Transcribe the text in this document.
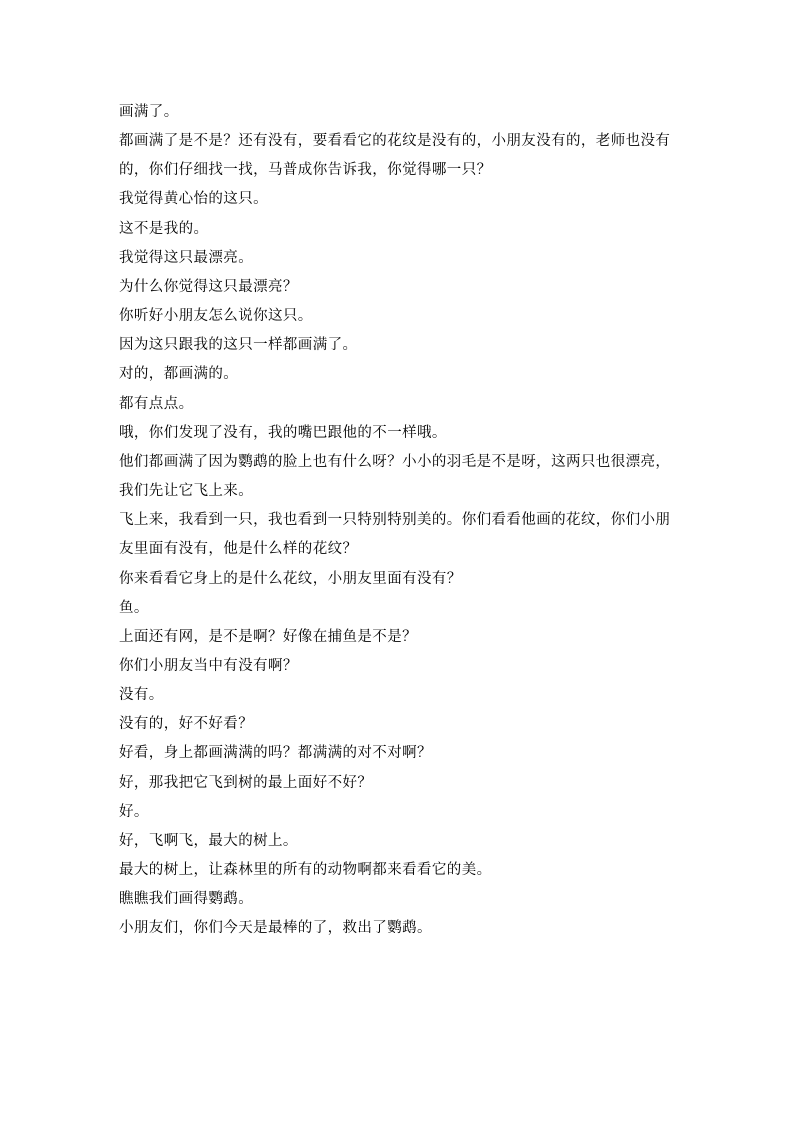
画满了。

都画满了是不是？还有没有，要看看它的花纹是没有的，小朋友没有的，老师也没有的，你们仔细找一找，马普成你告诉我，你觉得哪一只？

我觉得黄心怡的这只。

这不是我的。

我觉得这只最漂亮。

为什么你觉得这只最漂亮？

你听好小朋友怎么说你这只。

因为这只跟我的这只一样都画满了。

对的，都画满的。

都有点点。

哦，你们发现了没有，我的嘴巴跟他的不一样哦。

他们都画满了因为鹦鹉的脸上也有什么呀？小小的羽毛是不是呀，这两只也很漂亮，我们先让它飞上来。

飞上来，我看到一只，我也看到一只特别特别美的。你们看看他画的花纹，你们小朋友里面有没有，他是什么样的花纹？

你来看看它身上的是什么花纹，小朋友里面有没有？

鱼。

上面还有网，是不是啊？好像在捕鱼是不是？

你们小朋友当中有没有啊？

没有。

没有的，好不好看？

好看，身上都画满满的吗？都满满的对不对啊？

好，那我把它飞到树的最上面好不好？

好。

好，飞啊飞，最大的树上。

最大的树上，让森林里的所有的动物啊都来看看它的美。

瞧瞧我们画得鹦鹉。

小朋友们，你们今天是最棒的了，救出了鹦鹉。
